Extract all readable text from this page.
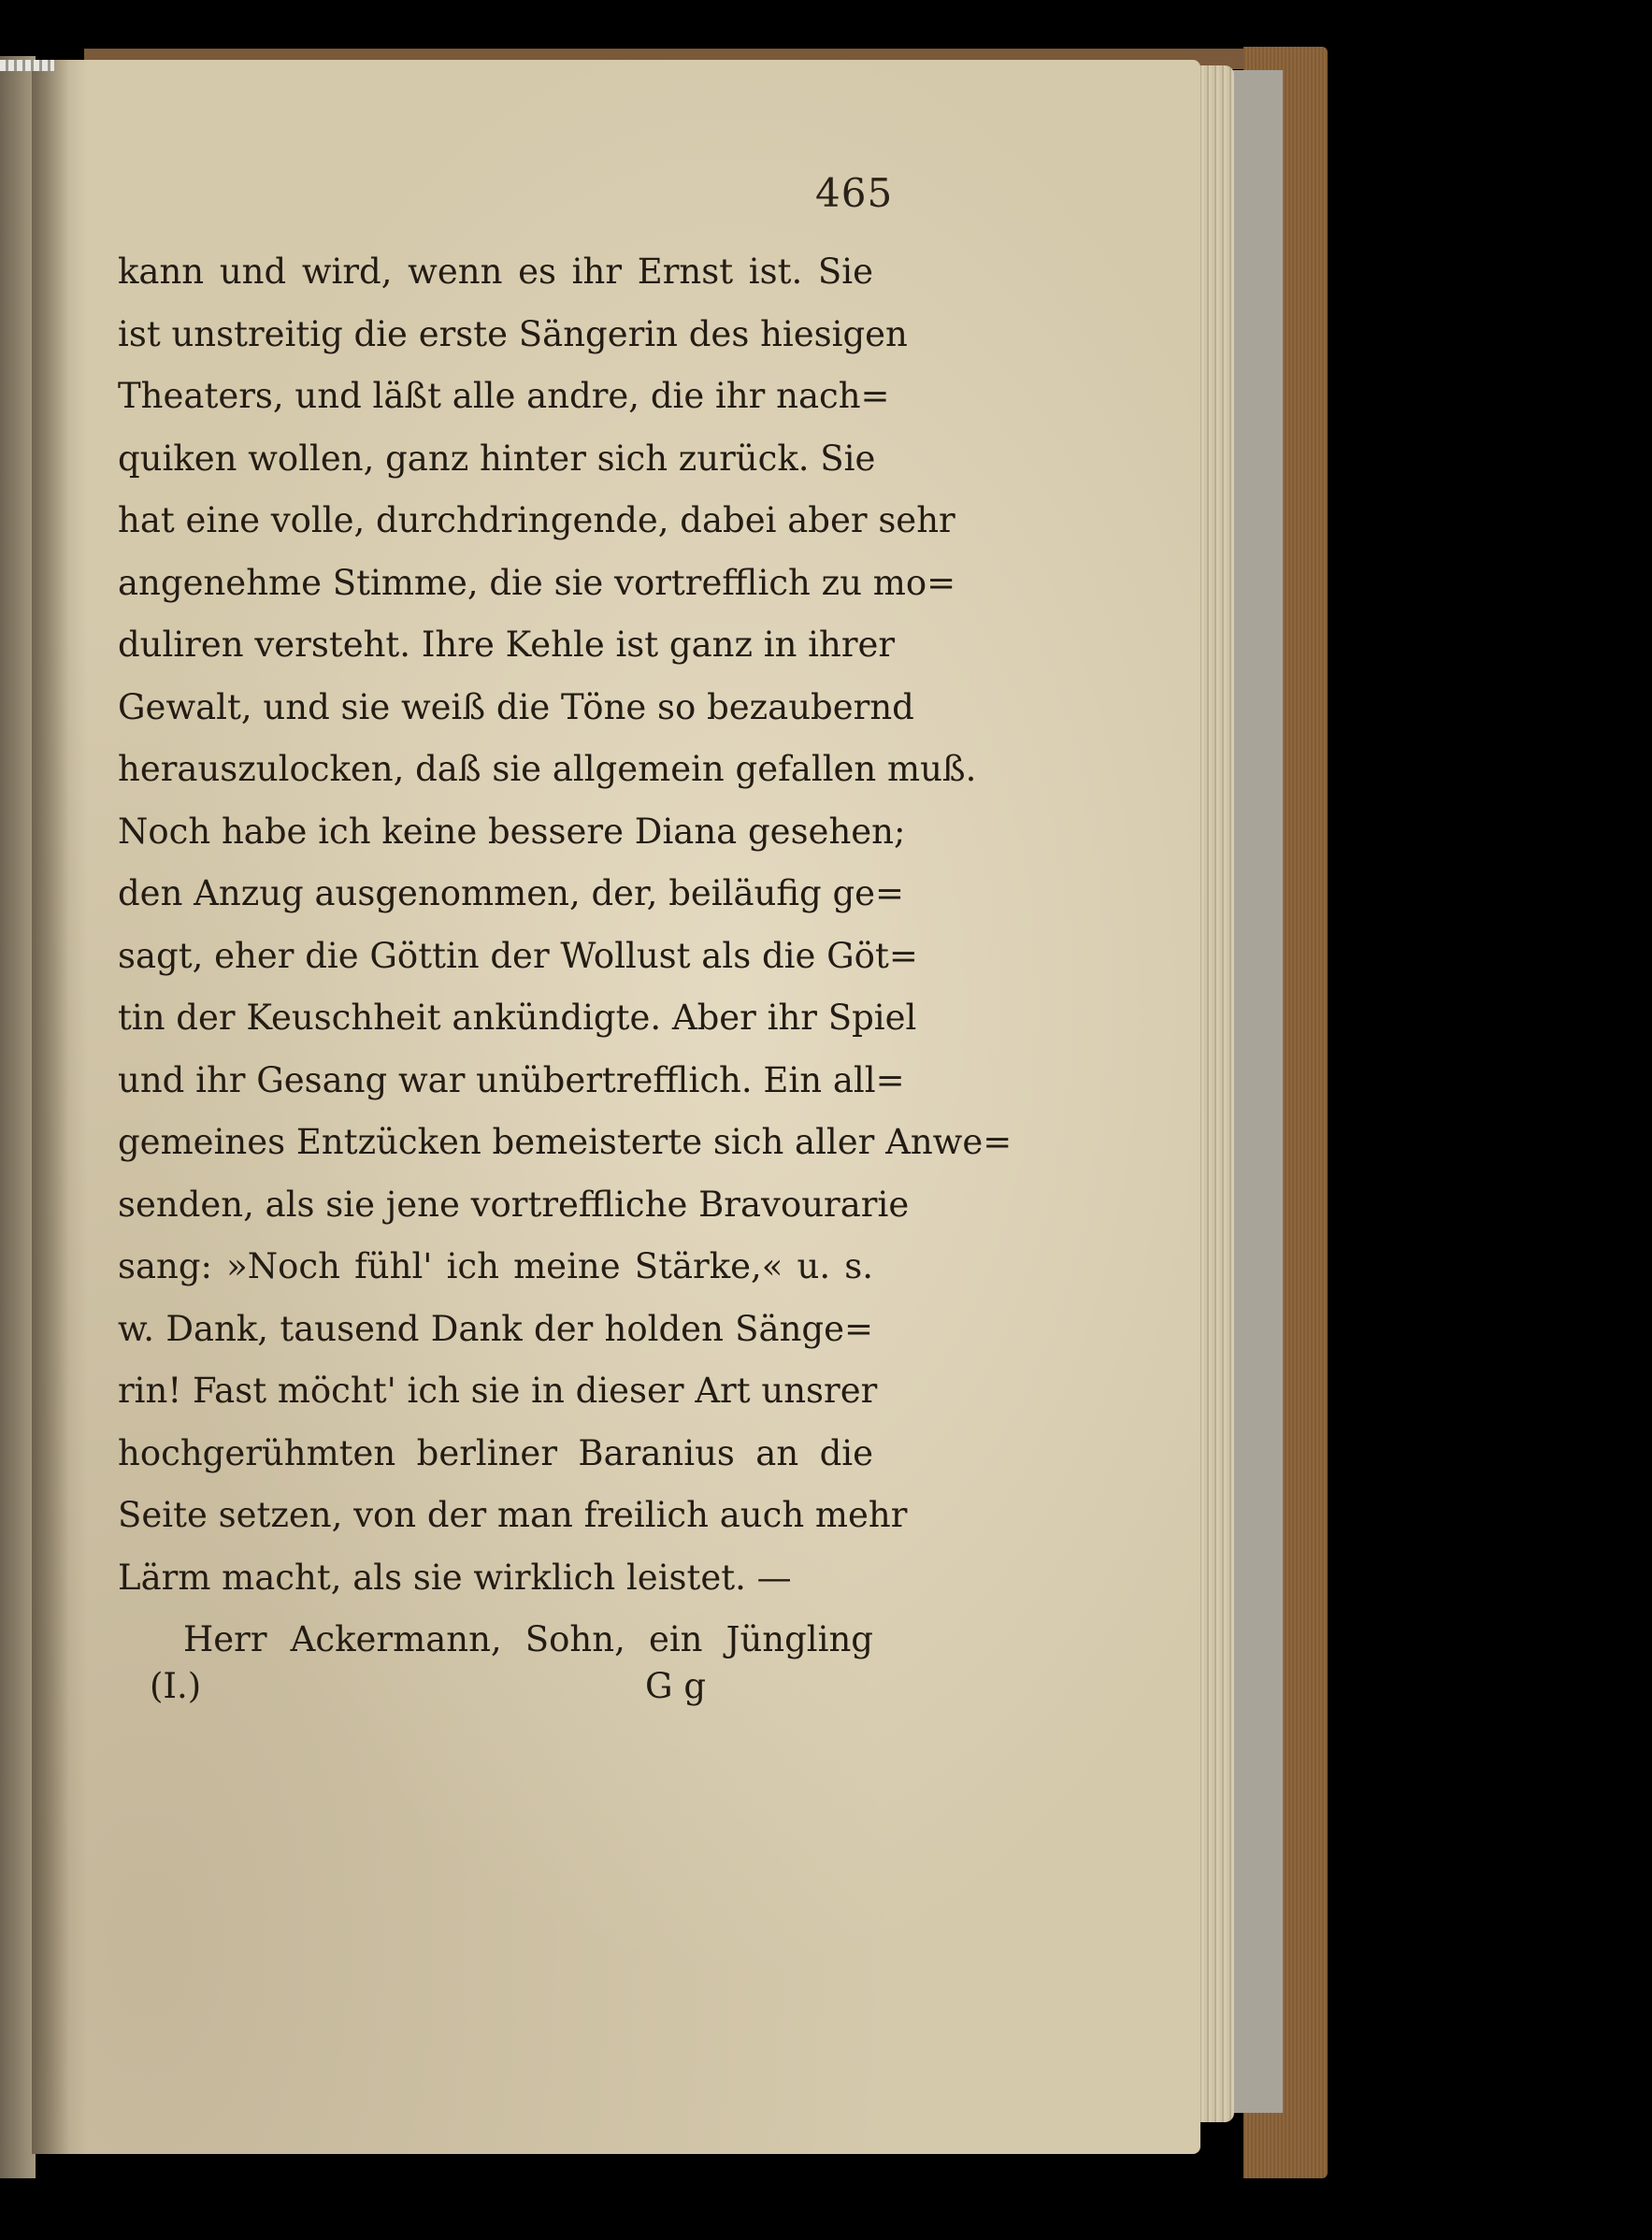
465
kann und wird, wenn es ihr Ernst ist. Sie
ist unstreitig die erste Sängerin des hiesigen
Theaters, und läßt alle andre, die ihr nach=
quiken wollen, ganz hinter sich zurück. Sie
hat eine volle, durchdringende, dabei aber sehr
angenehme Stimme, die sie vortrefflich zu mo=
duliren versteht. Ihre Kehle ist ganz in ihrer
Gewalt, und sie weiß die Töne so bezaubernd
herauszulocken, daß sie allgemein gefallen muß.
Noch habe ich keine bessere Diana gesehen;
den Anzug ausgenommen, der, beiläufig ge=
sagt, eher die Göttin der Wollust als die Göt=
tin der Keuschheit ankündigte. Aber ihr Spiel
und ihr Gesang war unübertrefflich. Ein all=
gemeines Entzücken bemeisterte sich aller Anwe=
senden, als sie jene vortreffliche Bravourarie
sang: »Noch fühl' ich meine Stärke,« u. s.
w. Dank, tausend Dank der holden Sänge=
rin! Fast möcht' ich sie in dieser Art unsrer
hochgerühmten berliner Baranius an die
Seite setzen, von der man freilich auch mehr
Lärm macht, als sie wirklich leistet. —
Herr Ackermann, Sohn, ein Jüngling
(I.)	G g
